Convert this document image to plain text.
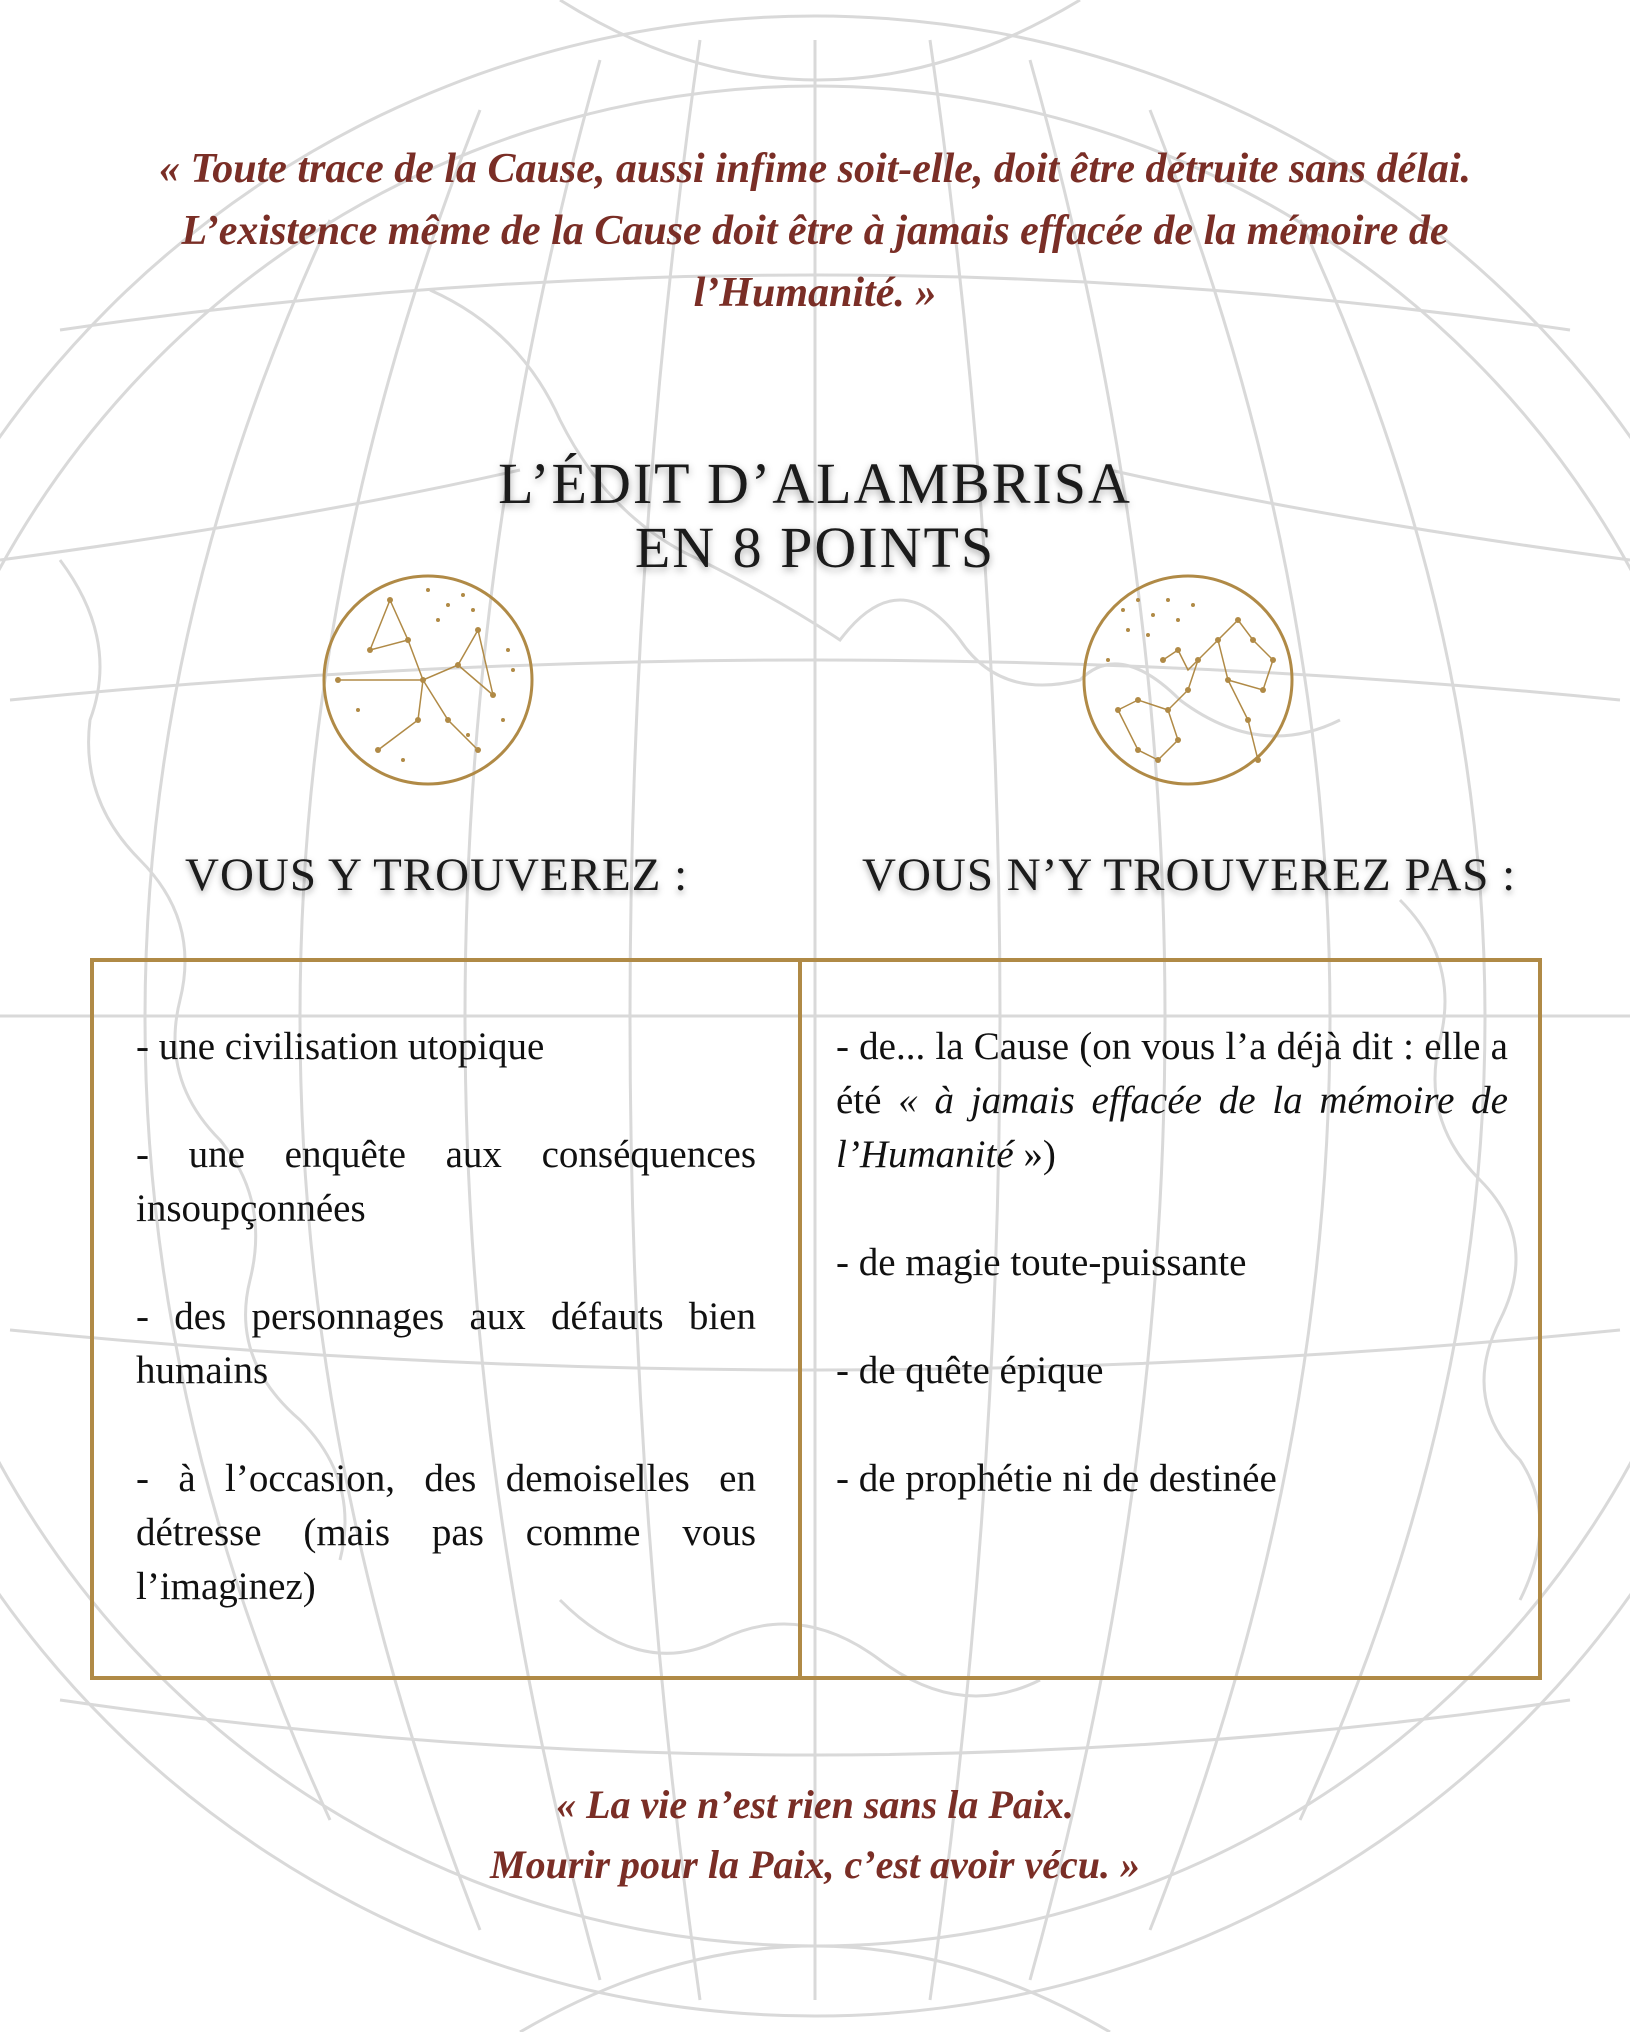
« Toute trace de la Cause, aussi infime soit-elle, doit être détruite sans délai.
L’existence même de la Cause doit être à jamais effacée de la mémoire de
l’Humanité. »
L’ÉDIT D’ALAMBRISA
EN 8 POINTS
VOUS Y TROUVEREZ :	VOUS N’Y TROUVEREZ PAS :
- une civilisation utopique
- une enquête aux conséquences insoupçonnées
- des personnages aux défauts bien humains
- à l’occasion, des demoiselles en détresse (mais pas comme vous l’imaginez)
- de... la Cause (on vous l’a déjà dit : elle a été « à jamais effacée de la mémoire de l’Humanité »)
- de magie toute-puissante
- de quête épique
- de prophétie ni de destinée
« La vie n’est rien sans la Paix.
Mourir pour la Paix, c’est avoir vécu. »
